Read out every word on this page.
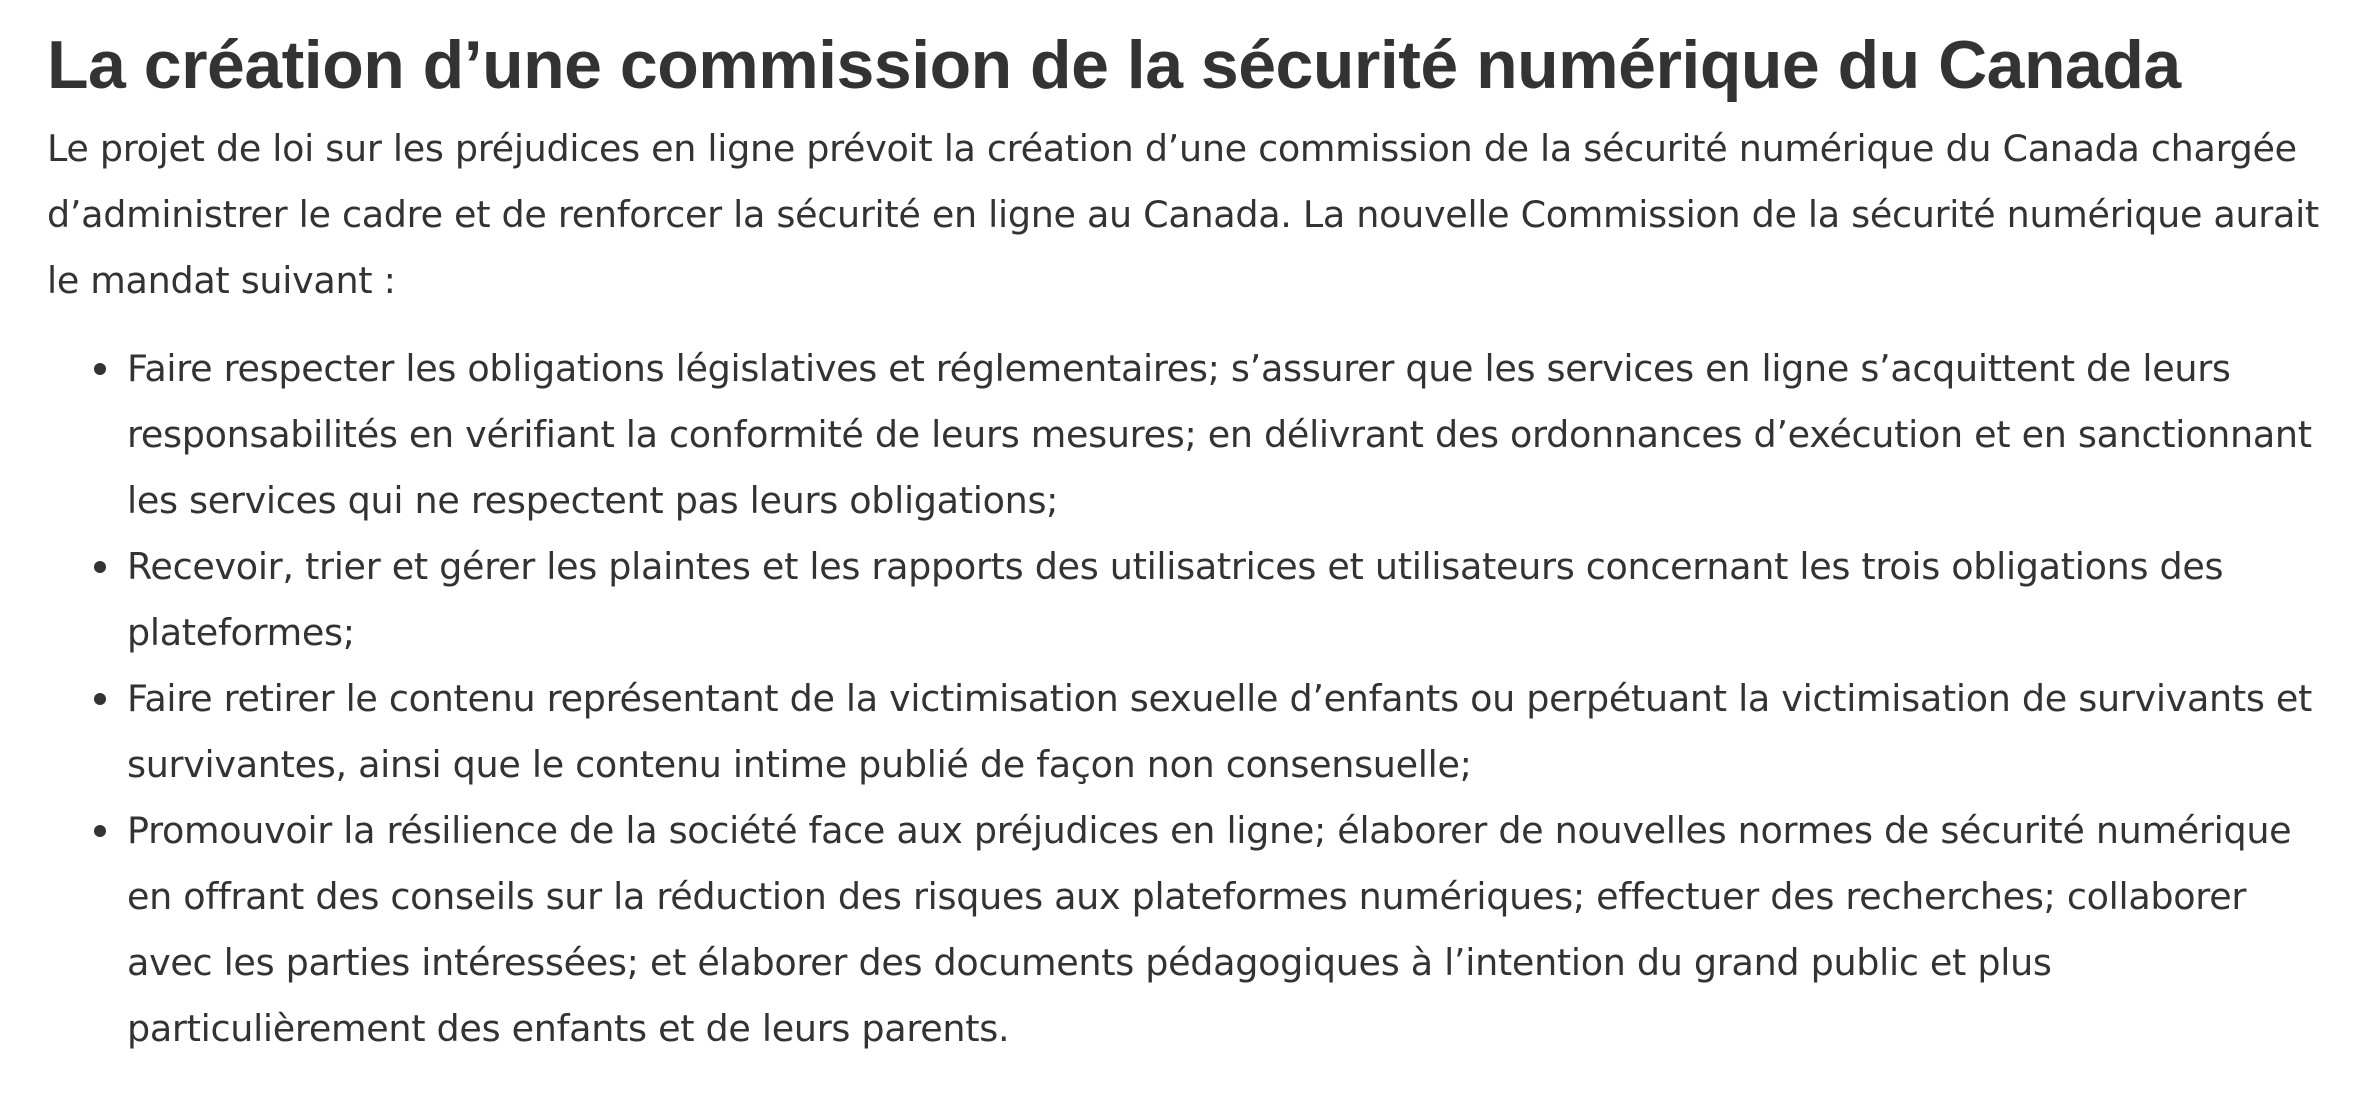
La création d’une commission de la sécurité numérique du Canada

Le projet de loi sur les préjudices en ligne prévoit la création d’une commission de la sécurité numérique du Canada chargée d’administrer le cadre et de renforcer la sécurité en ligne au Canada. La nouvelle Commission de la sécurité numérique aurait le mandat suivant :

Faire respecter les obligations législatives et réglementaires; s’assurer que les services en ligne s’acquittent de leurs responsabilités en vérifiant la conformité de leurs mesures; en délivrant des ordonnances d’exécution et en sanctionnant les services qui ne respectent pas leurs obligations;
Recevoir, trier et gérer les plaintes et les rapports des utilisatrices et utilisateurs concernant les trois obligations des plateformes;
Faire retirer le contenu représentant de la victimisation sexuelle d’enfants ou perpétuant la victimisation de survivants et survivantes, ainsi que le contenu intime publié de façon non consensuelle;
Promouvoir la résilience de la société face aux préjudices en ligne; élaborer de nouvelles normes de sécurité numérique en offrant des conseils sur la réduction des risques aux plateformes numériques; effectuer des recherches; collaborer avec les parties intéressées; et élaborer des documents pédagogiques à l’intention du grand public et plus particulièrement des enfants et de leurs parents.
